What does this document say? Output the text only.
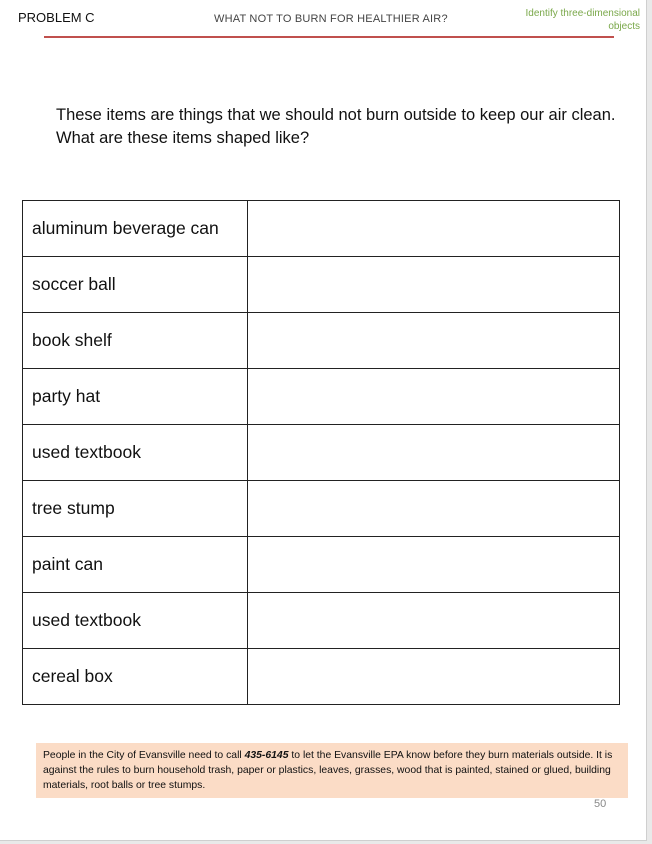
PROBLEM C	WHAT NOT TO BURN FOR HEALTHIER AIR?	Identify three-dimensional
objects
These items are things that we should not burn outside to keep our air clean. What are these items shaped like?
aluminum beverage can	
soccer ball	
book shelf	
party hat	
used textbook	
tree stump	
paint can	
used textbook	
cereal box	
People in the City of Evansville need to call 435-6145 to let the Evansville EPA know before they burn materials outside. It is against the rules to burn household trash, paper or plastics, leaves, grasses, wood that is painted, stained or glued, building materials, root balls or tree stumps.
50
